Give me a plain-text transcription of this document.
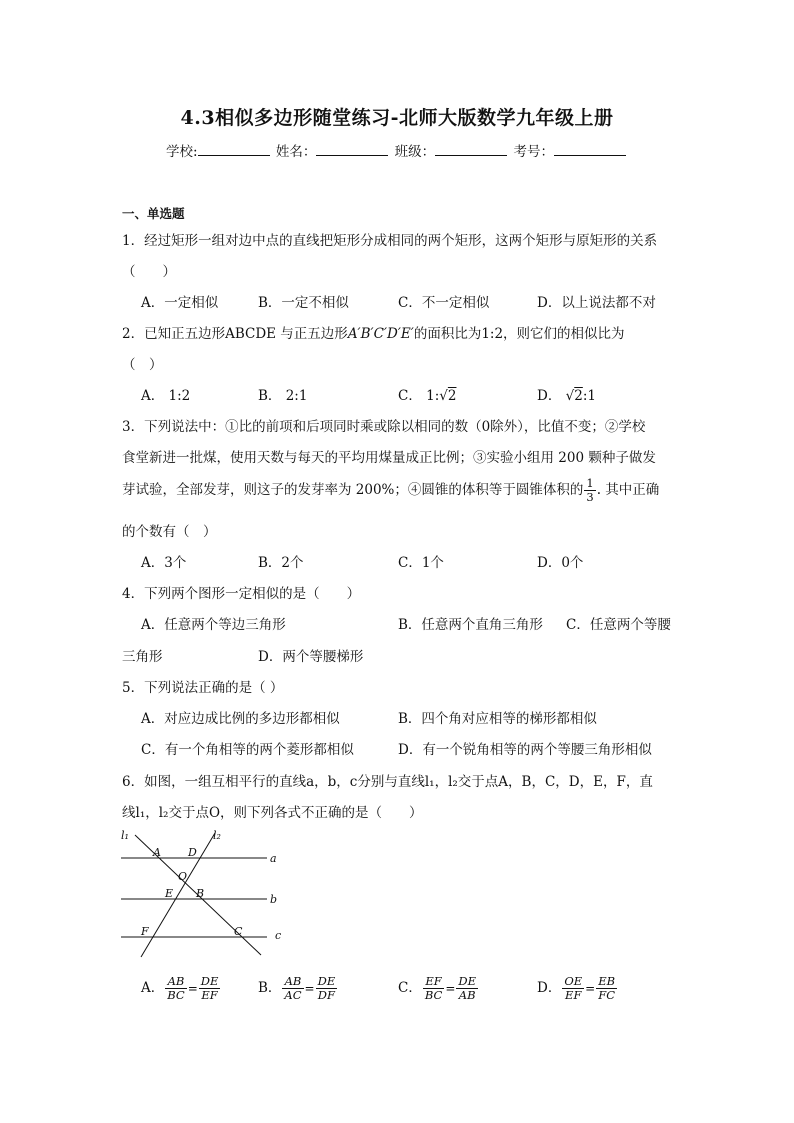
4.3相似多边形随堂练习-北师大版数学九年级上册
学校:	姓名：	班级：	考号：
一、单选题
1．经过矩形一组对边中点的直线把矩形分成相同的两个矩形，这两个矩形与原矩形的关系
（　　）
A．一定相似	B．一定不相似	C．不一定相似	D．以上说法都不对
2．已知正五边形ABCDE 与正五边形A′B′C′D′E′的面积比为1:2，则它们的相似比为
（　）
A． 1:2	B． 2:1	C． 1:√2	D． √2:1
3．下列说法中：①比的前项和后项同时乘或除以相同的数（0除外），比值不变；②学校
食堂新进一批煤，使用天数与每天的平均用煤量成正比例；③实验小组用 200 颗种子做发
芽试验，全部发芽，则这子的发芽率为 200%；④圆锥的体积等于圆锥体积的 $\frac{1}{3}$ . 其中正确
的个数有（　）
A．3个	B．2个	C．1个	D．0个
4．下列两个图形一定相似的是（　　）
A．任意两个等边三角形	B．任意两个直角三角形 C．任意两个等腰
三角形	D．两个等腰梯形
5．下列说法正确的是（ ）
A．对应边成比例的多边形都相似	B．四个角对应相等的梯形都相似
C．有一个角相等的两个菱形都相似	D．有一个锐角相等的两个等腰三角形相似
6．如图，一组互相平行的直线a，b，c分别与直线l₁，l₂交于点A，B，C，D，E，F，直
线l₁，l₂交于点O，则下列各式不正确的是（　　）
l₁	l₂
a
b
c
A D
O
E B
F	C
A． $\frac{AB}{BC} = \frac{DE}{EF}$	B． $\frac{AB}{AC} = \frac{DE}{DF}$	C． $\frac{EF}{BC} = \frac{DE}{AB}$	D． $\frac{OE}{EF} = \frac{EB}{FC}$
